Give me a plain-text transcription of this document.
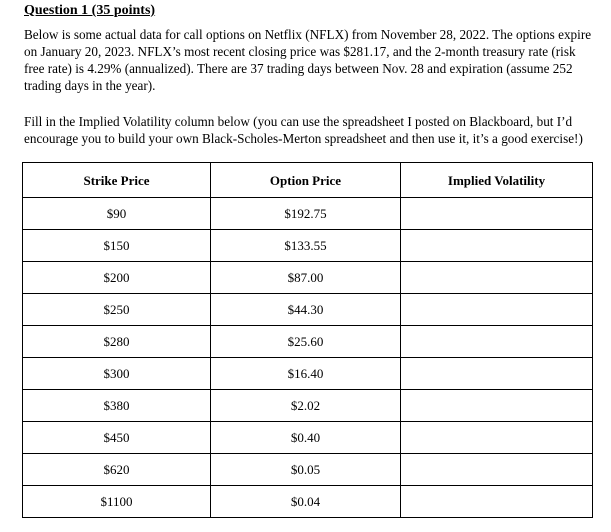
Question 1 (35 points)

Below is some actual data for call options on Netflix (NFLX) from November 28, 2022. The options expire on January 20, 2023. NFLX’s most recent closing price was $281.17, and the 2-month treasury rate (risk free rate) is 4.29% (annualized). There are 37 trading days between Nov. 28 and expiration (assume 252 trading days in the year).

Fill in the Implied Volatility column below (you can use the spreadsheet I posted on Blackboard, but I’d encourage you to build your own Black-Scholes-Merton spreadsheet and then use it, it’s a good exercise!)

Strike Price	Option Price	Implied Volatility
$90	$192.75	
$150	$133.55	
$200	$87.00	
$250	$44.30	
$280	$25.60	
$300	$16.40	
$380	$2.02	
$450	$0.40	
$620	$0.05	
$1100	$0.04	
